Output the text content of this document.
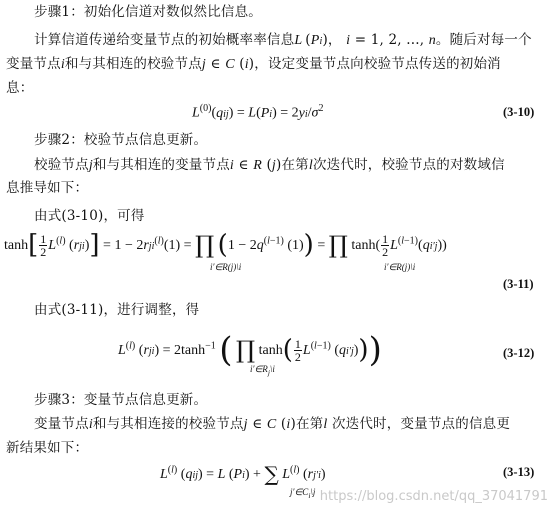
步骤1：初始化信道对数似然比信息。
计算信道传递给变量节点的初始概率率信息L (Pi)， i = 1, 2, ..., n。随后对每一个
变量节点i和与其相连的校验节点j ∈ C (i)，设定变量节点向校验节点传送的初始消
息：
$L^{(0)}(qij) = L(Pi) = 2yi/\sigma^2$	(3-10)
步骤2：校验节点信息更新。
校验节点j和与其相连的变量节点i ∈ R (j)在第l次迭代时，校验节点的对数域信
息推导如下：
由式(3-10)，可得
$\tanh[ \frac{1}{2} L^{(l)}$ (rji)] = 1 − 2rji$^{(l)}$(1) = ∏ ($1 - 2q^{(l-1)}$ (1)) = ∏ $\tanh( \frac{1}{2} L^{(l-1)}(qi'j))$
i′∈R(j)\i	i′∈R(j)\i
(3-11)
由式(3-11)，进行调整，得
$L^{(l)}$ $(rji) = 2\tanh^{-1}$ ( ∏ $\tanh( \frac{1}{2} L^{(l-1)}$ (qi′j)))
$i'\in R_j\backslash i$
(3-12)
步骤3：变量节点信息更新。
变量节点i和与其相连接的校验节点j ∈ C (i)在第l 次迭代时，变量节点的信息更
新结果如下：
$L^{(l)}$ (qij) = L (Pi) + ∑ $L^{(l)}$ (rj′i)
$j'\in C_i\backslash j$
(3-13)
https://blog.csdn.net/qq_37041791
